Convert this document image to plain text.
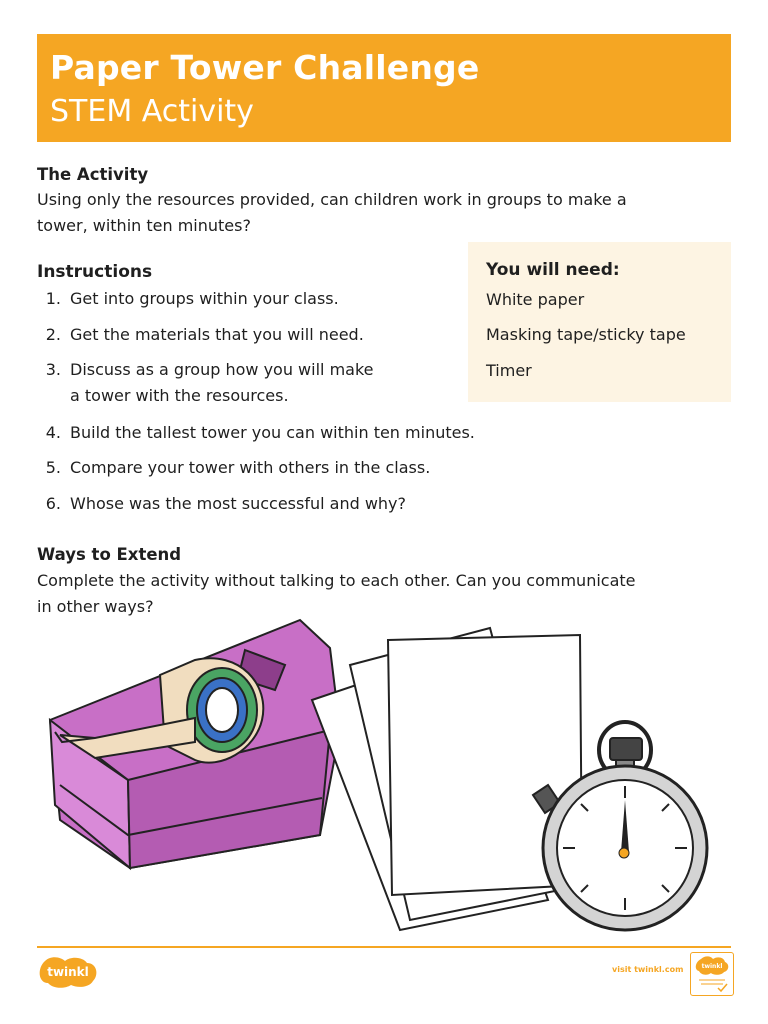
Paper Tower Challenge
STEM Activity
The Activity
Using only the resources provided, can children work in groups to make a
tower, within ten minutes?
Instructions
1. Get into groups within your class.
2. Get the materials that you will need.
3. Discuss as a group how you will make
a tower with the resources.
4. Build the tallest tower you can within ten minutes.
5. Compare your tower with others in the class.
6. Whose was the most successful and why?
You will need:
White paper
Masking tape/sticky tape
Timer
Ways to Extend
Complete the activity without talking to each other. Can you communicate
in other ways?
twinkl	visit twinkl.com	twinkl
